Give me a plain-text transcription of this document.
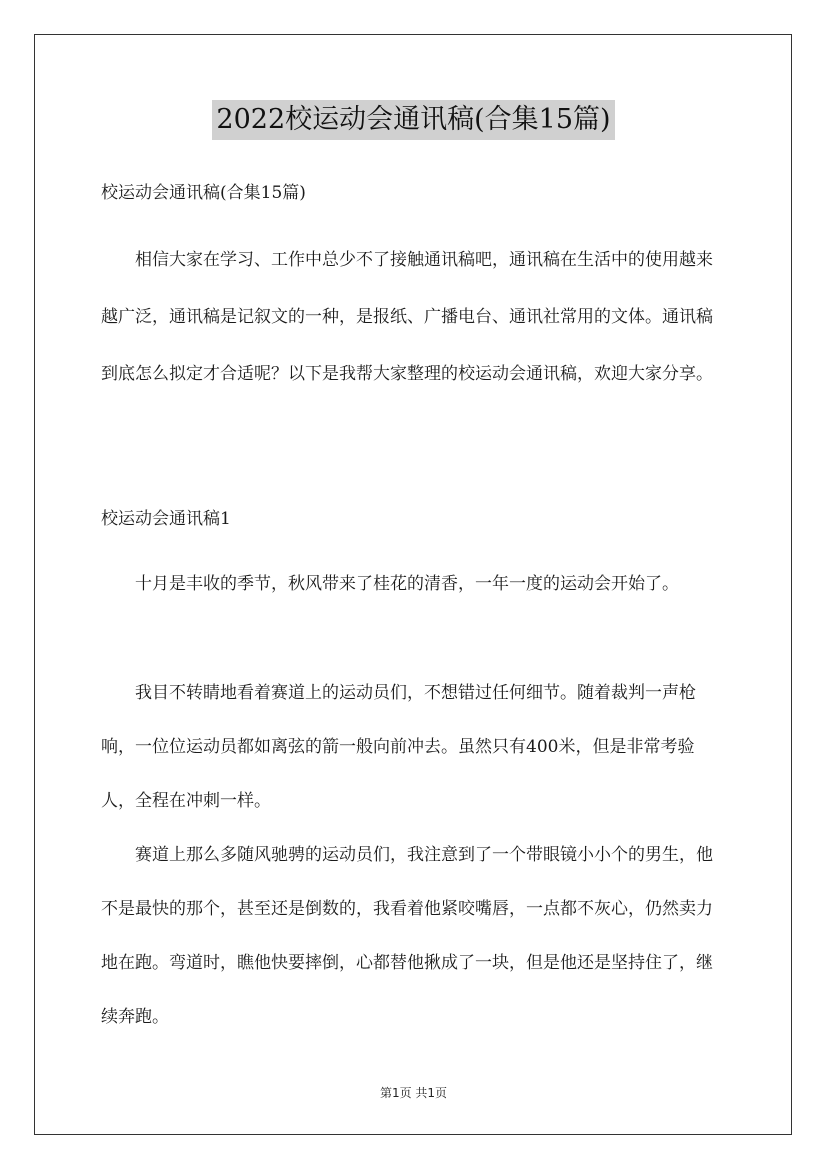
2022校运动会通讯稿(合集15篇)
校运动会通讯稿(合集15篇)

相信大家在学习、工作中总少不了接触通讯稿吧，通讯稿在生活中的使用越来越广泛，通讯稿是记叙文的一种，是报纸、广播电台、通讯社常用的文体。通讯稿到底怎么拟定才合适呢？以下是我帮大家整理的校运动会通讯稿，欢迎大家分享。

校运动会通讯稿1

十月是丰收的季节，秋风带来了桂花的清香，一年一度的运动会开始了。

我目不转睛地看着赛道上的运动员们，不想错过任何细节。随着裁判一声枪响，一位位运动员都如离弦的箭一般向前冲去。虽然只有400米，但是非常考验人，全程在冲刺一样。

赛道上那么多随风驰骋的运动员们，我注意到了一个带眼镜小小个的男生，他不是最快的那个，甚至还是倒数的，我看着他紧咬嘴唇，一点都不灰心，仍然卖力地在跑。弯道时，瞧他快要摔倒，心都替他揪成了一块，但是他还是坚持住了，继续奔跑。

第1页 共1页
